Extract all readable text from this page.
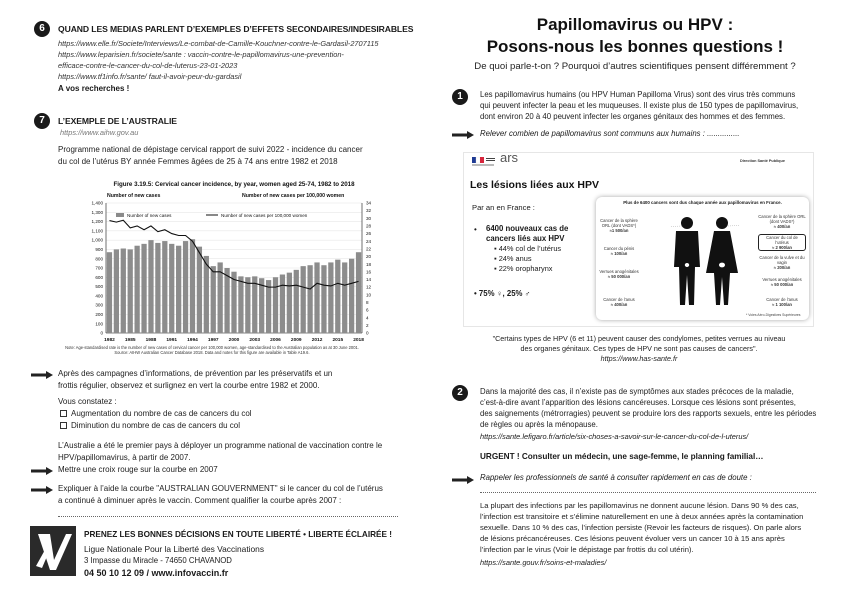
6	QUAND LES MEDIAS PARLENT D’EXEMPLES D’EFFETS SECONDAIRES/INDESIRABLES
https://www.elle.fr/Societe/Interviews/Le-combat-de-Camille-Kouchner-contre-le-Gardasil-2707115
https://www.leparisien.fr/societe/sante : vaccin-contre-le-papillomavirus-une-prevention-
efficace-contre-le-cancer-du-col-de-luterus-23-01-2023
https://www.tf1info.fr/sante/ faut-il-avoir-peur-du-gardasil
A vos recherches !
7	L’EXEMPLE DE L’AUSTRALIE
https://www.aihw.gov.au
Programme national de dépistage cervical rapport de suivi 2022 - incidence du cancer
du col de l’utérus BY année Femmes âgées de 25 à 74 ans entre 1982 et 2018
Figure 3.19.5: Cervical cancer incidence, by year, women aged 25-74, 1982 to 2018
Number of new cases	Number of new cases per 100,000 women
0
100
200
300
400
500
600
700
800
900
1,000
1,100
1,200
1,300
1,400
0
2
4
6
8
10
12
14
16
18
20
22
24
26
28
30
32
34
1982 1985 1988 1991 1994 1997 2000 2003 2006 2009 2012 2015 2018
Number of new cases	Number of new cases per 100,000 women
Note: Age-standardised rate is the number of new cases of cervical cancer per 100,000 women, age-standardised to the Australian population as at 30 June 2001.
Source: AIHW Australian Cancer Database 2018. Data and notes for this figure are available in Table A19.6.
Après des campagnes d’informations, de prévention par les préservatifs et un
frottis régulier, observez et surlignez en vert la courbe entre 1982 et 2000.
Vous constatez :
Augmentation du nombre de cas de cancers du col
Diminution du nombre de cas de cancers du col
L’Australie a été le premier pays à déployer un programme national de vaccination contre le
HPV/papillomavirus, à partir de 2007.
Mettre une croix rouge sur la courbe en 2007
Expliquer à l’aide la courbe "AUSTRALIAN GOUVERNMENT" si le cancer du col de l’utérus
a continué à diminuer après le vaccin. Comment qualifier la courbe après 2007 :
PRENEZ LES BONNES DÉCISIONS EN TOUTE LIBERTÉ • LIBERTE ÉCLAIRÉE !
Ligue Nationale Pour la Liberté des Vaccinations
3 Impasse du Miracle - 74650 CHAVANOD
04 50 10 12 09 / www.infovaccin.fr
Papillomavirus ou HPV :
Posons-nous les bonnes questions !
De quoi parle-t-on ? Pourquoi d’autres scientifiques pensent différemment ?
1	Les papillomavirus humains (ou HPV Human Papilloma Virus) sont des virus très communs
qui peuvent infecter la peau et les muqueuses. Il existe plus de 150 types de papillomavirus,
dont environ 20 à 40 peuvent infecter les organes génitaux des hommes et des femmes.
Relever combien de papillomavirus sont communs aux humains : ...............
ars	Direction Santé Publique
Les lésions liées aux HPV
Par an en France :
•	6400 nouveaux cas de
cancers liés aux HPV
▪ 44% col de l’utérus
▪ 24% anus
▪ 22% oropharynx
• 75% ♀, 25% ♂
Plus de 6400 cancers sont dus chaque année aux papillomavirus en France.
Cancer de la sphère ORL (dont VADS*)
≈1 500/an
Cancer du pénis
≈ 100/an
Verrues anogénitales
≈ 50 000/an
Cancer de l’anus
≈ 400/an
Cancer de la sphère ORL (dont VADS*)
≈ 400/an
Cancer du col de l’utérus
≈ 2 900/an
Cancer de la vulve et du vagin
≈ 200/an
Verrues anogénitales
≈ 50 000/an
Cancer de l’anus
≈ 1 100/an
* Voies Aéro-Digestives Supérieures
"Certains types de HPV (6 et 11) peuvent causer des condylomes, petites verrues au niveau
des organes génitaux. Ces types de HPV ne sont pas causes de cancers".
https://www.has-sante.fr
2	Dans la majorité des cas, il n’existe pas de symptômes aux stades précoces de la maladie,
c’est-à-dire avant l’apparition des lésions cancéreuses. Lorsque ces lésions sont présentes,
des saignements (métrorragies) peuvent se produire lors des rapports sexuels, entre les périodes
de règles ou après la ménopause.
https://sante.lefigaro.fr/article/six-choses-a-savoir-sur-le-cancer-du-col-de-l-uterus/
URGENT ! Consulter un médecin, une sage-femme, le planning familial…
Rappeler les professionnels de santé à consulter rapidement en cas de doute :
La plupart des infections par les papillomavirus ne donnent aucune lésion. Dans 90 % des cas,
l’infection est transitoire et s’élimine naturellement en une à deux années après la contamination
sexuelle. Dans 10 % des cas, l’infection persiste (Revoir les facteurs de risques). On parle alors
de lésions précancéreuses. Ces lésions peuvent évoluer vers un cancer 10 à 15 ans après
l’infection par le virus (Voir le dépistage par frottis du col utérin).
https://sante.gouv.fr/soins-et-maladies/
